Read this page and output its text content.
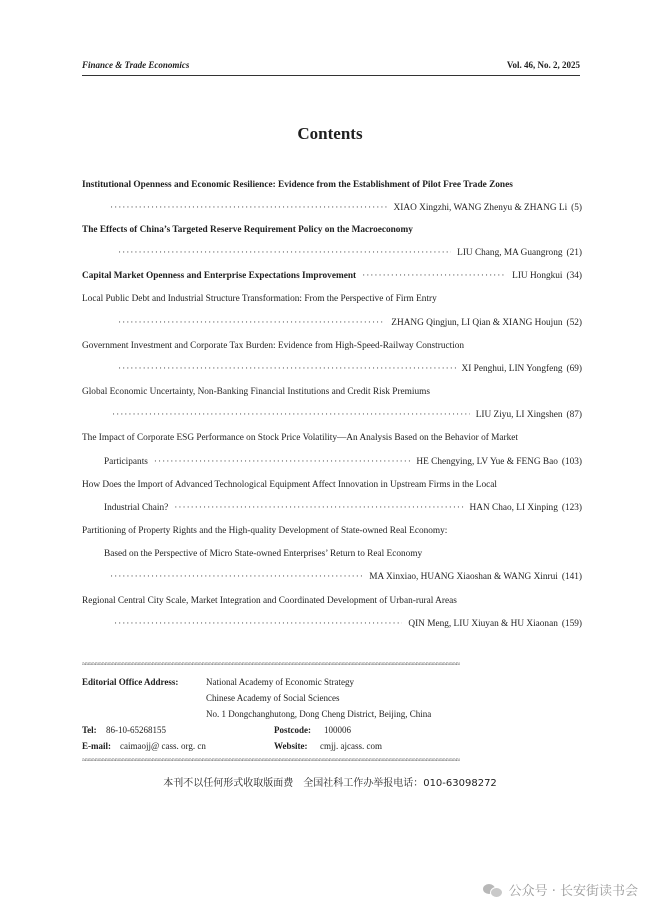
Finance & Trade Economics	Vol. 46, No. 2, 2025
Contents
Institutional Openness and Economic Resilience: Evidence from the Establishment of Pilot Free Trade Zones
·····
XIAO Xingzhi, WANG Zhenyu & ZHANG Li (5)
The Effects of China’s Targeted Reserve Requirement Policy on the Macroeconomy
·····
LIU Chang, MA Guangrong (21)
Capital Market Openness and Enterprise Expectations Improvement ·····	LIU Hongkui (34)
Local Public Debt and Industrial Structure Transformation: From the Perspective of Firm Entry
·····
ZHANG Qingjun, LI Qian & XIANG Houjun (52)
Government Investment and Corporate Tax Burden: Evidence from High-Speed-Railway Construction
·····
XI Penghui, LIN Yongfeng (69)
Global Economic Uncertainty, Non-Banking Financial Institutions and Credit Risk Premiums
·····
LIU Ziyu, LI Xingshen (87)
The Impact of Corporate ESG Performance on Stock Price Volatility—An Analysis Based on the Behavior of Market
Participants ·····	HE Chengying, LV Yue & FENG Bao (103)
How Does the Import of Advanced Technological Equipment Affect Innovation in Upstream Firms in the Local
Industrial Chain? ·····	HAN Chao, LI Xinping (123)
Partitioning of Property Rights and the High-quality Development of State-owned Real Economy:
Based on the Perspective of Micro State-owned Enterprises’ Return to Real Economy
·····
MA Xinxiao, HUANG Xiaoshan & WANG Xinrui (141)
Regional Central City Scale, Market Integration and Coordinated Development of Urban-rural Areas
·····
QIN Meng, LIU Xiuyan & HU Xiaonan (159)
≈≈≈≈≈≈≈≈≈≈≈≈≈≈≈≈≈≈≈≈≈≈≈≈≈≈≈≈≈≈≈≈≈≈≈≈≈≈≈≈≈≈≈≈≈≈≈≈≈≈≈≈≈≈≈≈≈≈≈≈≈≈≈≈≈≈≈≈≈≈≈≈≈≈≈≈≈≈≈≈≈≈≈≈≈≈≈≈≈≈≈≈≈≈≈≈≈≈≈≈≈≈≈≈≈≈≈≈≈≈≈≈≈
Editorial Office Address:	National Academy of Economic Strategy
Chinese Academy of Social Sciences
No. 1 Dongchanghutong, Dong Cheng District, Beijing, China
Tel: 86-10-65268155	Postcode: 100006
E-mail: caimaojj@ cass. org. cn	Website: cmjj. ajcass. com
≈≈≈≈≈≈≈≈≈≈≈≈≈≈≈≈≈≈≈≈≈≈≈≈≈≈≈≈≈≈≈≈≈≈≈≈≈≈≈≈≈≈≈≈≈≈≈≈≈≈≈≈≈≈≈≈≈≈≈≈≈≈≈≈≈≈≈≈≈≈≈≈≈≈≈≈≈≈≈≈≈≈≈≈≈≈≈≈≈≈≈≈≈≈≈≈≈≈≈≈≈≈≈≈≈≈≈≈≈≈≈≈≈
本刊不以任何形式收取版面费　全国社科工作办举报电话：010-63098272
公众号 · 长安街读书会
